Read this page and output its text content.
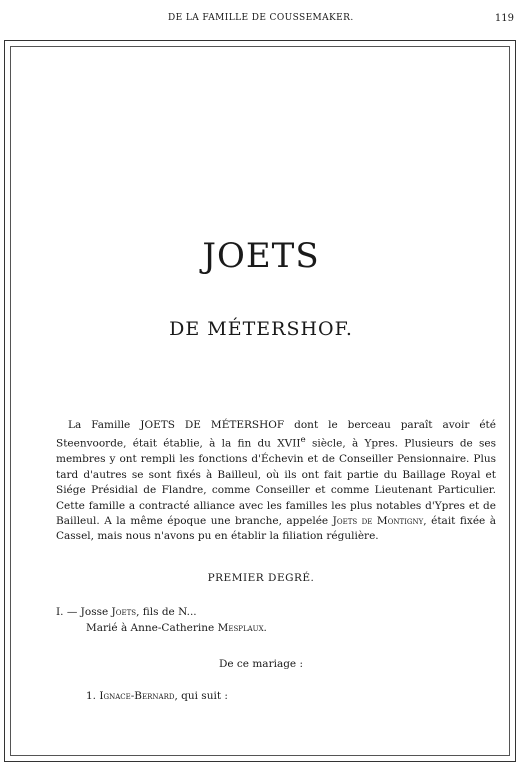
DE LA FAMILLE DE COUSSEMAKER.	119
JOETS
DE MÉTERSHOF.

La Famille JOETS DE MÉTERSHOF dont le berceau paraît avoir été Steenvoorde, était établie, à la fin du XVIIe siècle, à Ypres. Plusieurs de ses membres y ont rempli les fonctions d'Échevin et de Conseiller Pensionnaire. Plus tard d'autres se sont fixés à Bailleul, où ils ont fait partie du Baillage Royal et Siége Présidial de Flandre, comme Conseiller et comme Lieutenant Particulier. Cette famille a contracté alliance avec les familles les plus notables d'Ypres et de Bailleul. A la même époque une branche, appelée Joets de Montigny, était fixée à Cassel, mais nous n'avons pu en établir la filiation régulière.

PREMIER DEGRÉ.
I. — Josse Joets, fils de N...
Marié à Anne-Catherine Mesplaux.
De ce mariage :
1. Ignace-Bernard, qui suit :
